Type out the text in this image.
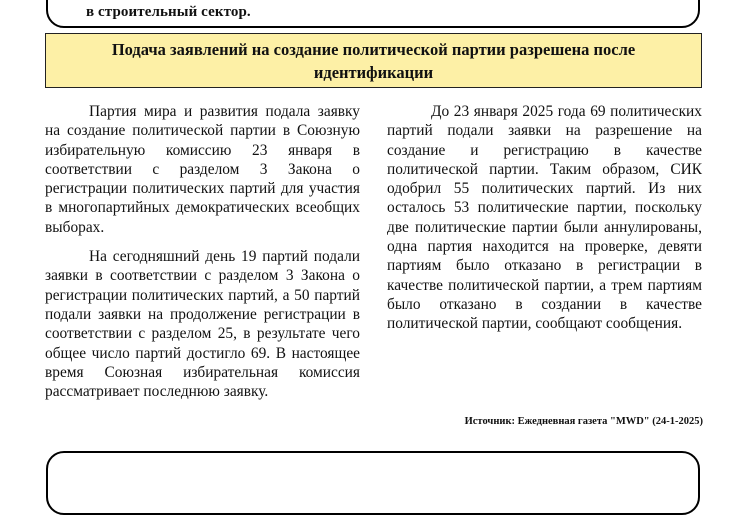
в строительный сектор.

Подача заявлений на создание политической партии разрешена после идентификации

Партия мира и развития подала заявку на создание политической партии в Союзную избирательную комиссию 23 января в соответствии с разделом 3 Закона о регистрации политических партий для участия в многопартийных демократических всеобщих выборах.

На сегодняшний день 19 партий подали заявки в соответствии с разделом 3 Закона о регистрации политических партий, а 50 партий подали заявки на продолжение регистрации в соответствии с разделом 25, в результате чего общее число партий достигло 69. В настоящее время Союзная избирательная комиссия рассматривает последнюю заявку.

До 23 января 2025 года 69 политических партий подали заявки на разрешение на создание и регистрацию в качестве политической партии. Таким образом, СИК одобрил 55 политических партий. Из них осталось 53 политические партии, поскольку две политические партии были аннулированы, одна партия находится на проверке, девяти партиям было отказано в регистрации в качестве политической партии, а трем партиям было отказано в создании в качестве политической партии, сообщают сообщения.

Источник: Ежедневная газета "MWD" (24-1-2025)
